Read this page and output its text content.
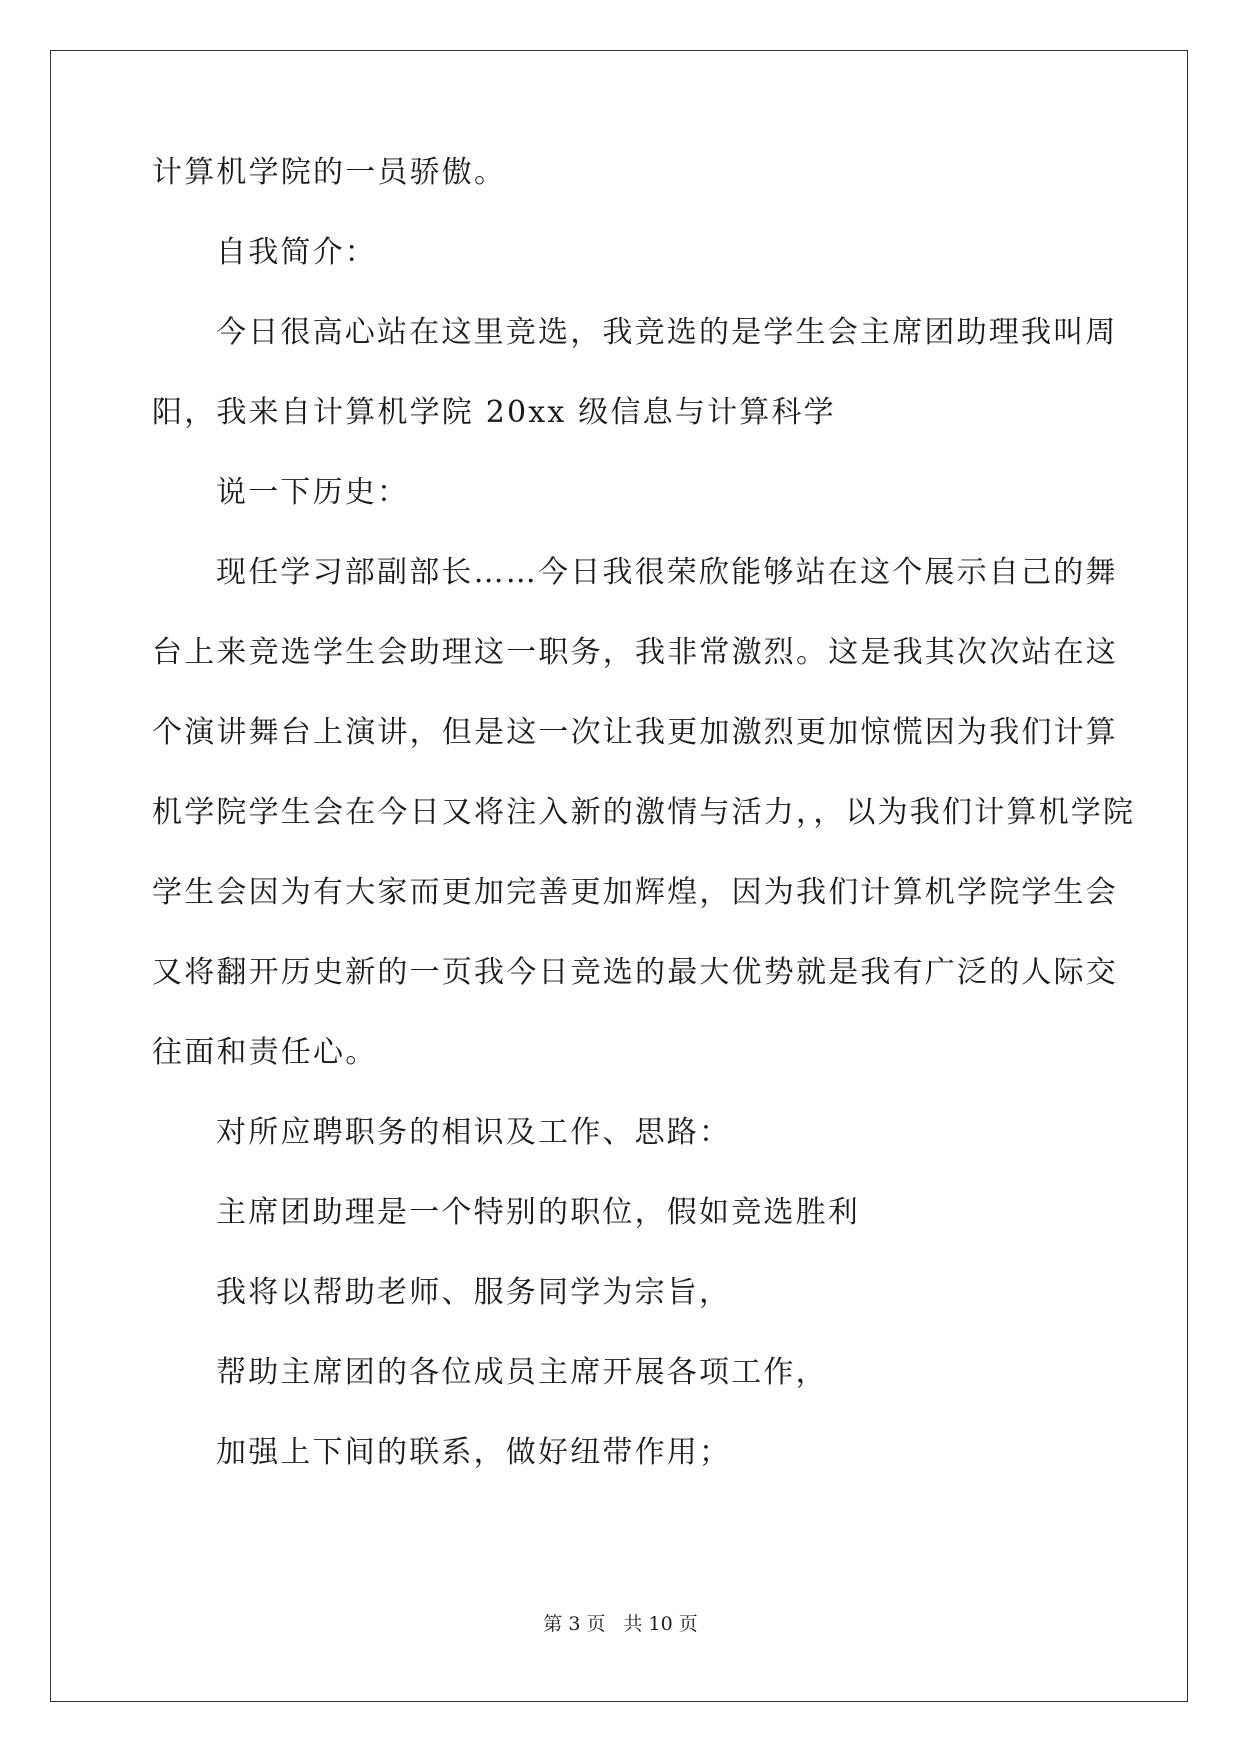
计算机学院的一员骄傲。
自我简介：
今日很高心站在这里竞选，我竞选的是学生会主席团助理我叫周
阳，我来自计算机学院 20xx 级信息与计算科学
说一下历史：
现任学习部副部长……今日我很荣欣能够站在这个展示自己的舞
台上来竞选学生会助理这一职务，我非常激烈。这是我其次次站在这
个演讲舞台上演讲，但是这一次让我更加激烈更加惊慌因为我们计算
机学院学生会在今日又将注入新的激情与活力，，以为我们计算机学院
学生会因为有大家而更加完善更加辉煌，因为我们计算机学院学生会
又将翻开历史新的一页我今日竞选的最大优势就是我有广泛的人际交
往面和责任心。
对所应聘职务的相识及工作、思路：
主席团助理是一个特别的职位，假如竞选胜利
我将以帮助老师、服务同学为宗旨，
帮助主席团的各位成员主席开展各项工作，
加强上下间的联系，做好纽带作用；
第 3 页 共 10 页
